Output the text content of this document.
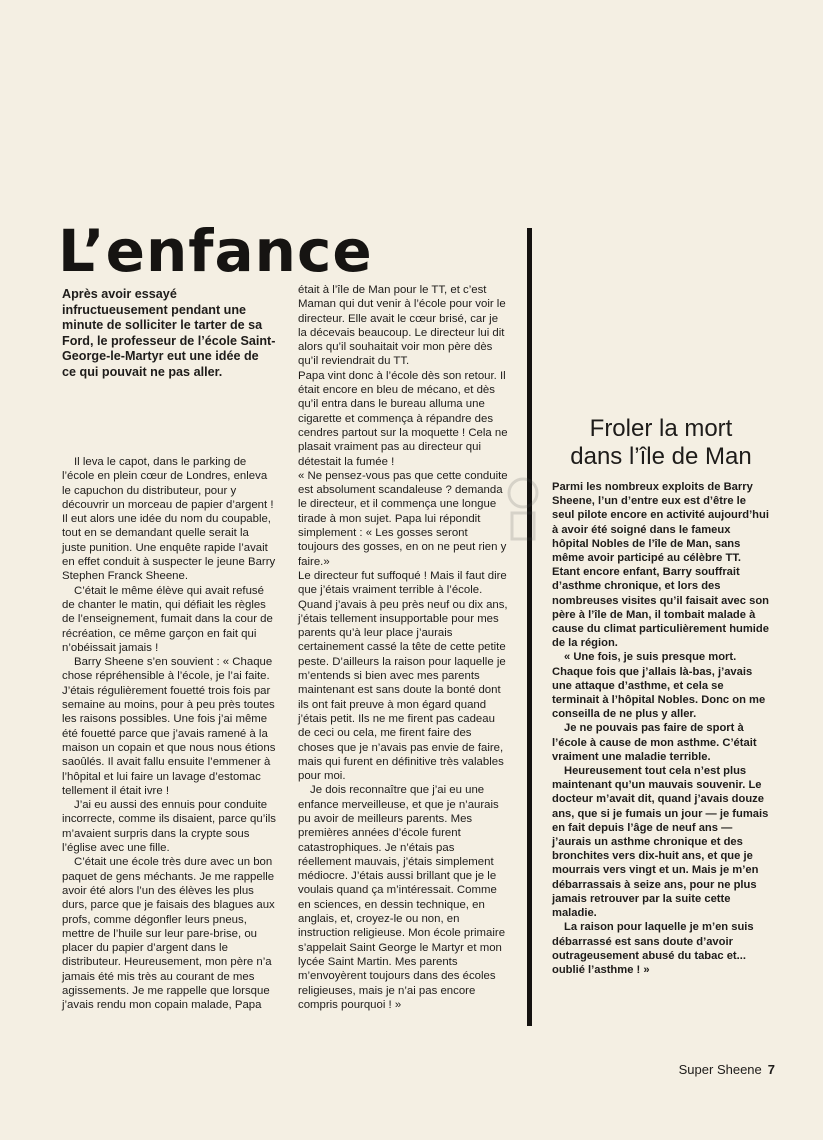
L’enfance
Après avoir essayé infructueusement pendant une minute de solliciter le tarter de sa Ford, le professeur de l’école Saint-George-le-Martyr eut une idée de ce qui pouvait ne pas aller.

Il leva le capot, dans le parking de l’école en plein cœur de Londres, enleva le capuchon du distributeur, pour y découvrir un morceau de papier d’argent ! Il eut alors une idée du nom du coupable, tout en se demandant quelle serait la juste punition. Une enquête rapide l’avait en effet conduit à suspecter le jeune Barry Stephen Franck Sheene.

C’était le même élève qui avait refusé de chanter le matin, qui défiait les règles de l’enseignement, fumait dans la cour de récréation, ce même garçon en fait qui n’obéissait jamais !

Barry Sheene s’en souvient : « Chaque chose répréhensible à l’école, je l’ai faite. J’étais régulièrement fouetté trois fois par semaine au moins, pour à peu près toutes les raisons possibles. Une fois j’ai même été fouetté parce que j’avais ramené à la maison un copain et que nous nous étions saoûlés. Il avait fallu ensuite l’emmener à l’hôpital et lui faire un lavage d’estomac tellement il était ivre !

J’ai eu aussi des ennuis pour conduite incorrecte, comme ils disaient, parce qu’ils m’avaient surpris dans la crypte sous l’église avec une fille.

C’était une école très dure avec un bon paquet de gens méchants. Je me rappelle avoir été alors l’un des élèves les plus durs, parce que je faisais des blagues aux profs, comme dégonfler leurs pneus, mettre de l’huile sur leur pare-brise, ou placer du papier d’argent dans le distributeur. Heureusement, mon père n’a jamais été mis très au courant de mes agissements. Je me rappelle que lorsque j’avais rendu mon copain malade, Papa

était à l’île de Man pour le TT, et c’est Maman qui dut venir à l’école pour voir le directeur. Elle avait le cœur brisé, car je la décevais beaucoup. Le directeur lui dit alors qu’il souhaitait voir mon père dès qu’il reviendrait du TT.

Papa vint donc à l’école dès son retour. Il était encore en bleu de mécano, et dès qu’il entra dans le bureau alluma une cigarette et commença à répandre des cendres partout sur la moquette ! Cela ne plasait vraiment pas au directeur qui détestait la fumée !

« Ne pensez-vous pas que cette conduite est absolument scandaleuse ? demanda le directeur, et il commença une longue tirade à mon sujet. Papa lui répondit simplement : « Les gosses seront toujours des gosses, en on ne peut rien y faire.»

Le directeur fut suffoqué ! Mais il faut dire que j’étais vraiment terrible à l’école. Quand j’avais à peu près neuf ou dix ans, j’étais tellement insupportable pour mes parents qu’à leur place j’aurais certainement cassé la tête de cette petite peste. D’ailleurs la raison pour laquelle je m’entends si bien avec mes parents maintenant est sans doute la bonté dont ils ont fait preuve à mon égard quand j’étais petit. Ils ne me firent pas cadeau de ceci ou cela, me firent faire des choses que je n’avais pas envie de faire, mais qui furent en définitive très valables pour moi.

Je dois reconnaître que j’ai eu une enfance merveilleuse, et que je n’aurais pu avoir de meilleurs parents. Mes premières années d’école furent catastrophiques. Je n’étais pas réellement mauvais, j’étais simplement médiocre. J’étais aussi brillant que je le voulais quand ça m’intéressait. Comme en sciences, en dessin technique, en anglais, et, croyez-le ou non, en instruction religieuse. Mon école primaire s’appelait Saint George le Martyr et mon lycée Saint Martin. Mes parents m’envoyèrent toujours dans des écoles religieuses, mais je n’ai pas encore compris pourquoi ! »

Froler la mort
dans l’île de Man

Parmi les nombreux exploits de Barry Sheene, l’un d’entre eux est d’être le seul pilote encore en activité aujourd’hui à avoir été soigné dans le fameux hôpital Nobles de l’île de Man, sans même avoir participé au célèbre TT. Etant encore enfant, Barry souffrait d’asthme chronique, et lors des nombreuses visites qu’il faisait avec son père à l’île de Man, il tombait malade à cause du climat particulièrement humide de la région.

« Une fois, je suis presque mort. Chaque fois que j’allais là-bas, j’avais une attaque d’asthme, et cela se terminait à l’hôpital Nobles. Donc on me conseilla de ne plus y aller.

Je ne pouvais pas faire de sport à l’école à cause de mon asthme. C’était vraiment une maladie terrible.

Heureusement tout cela n’est plus maintenant qu’un mauvais souvenir. Le docteur m’avait dit, quand j’avais douze ans, que si je fumais un jour — je fumais en fait depuis l’âge de neuf ans — j’aurais un asthme chronique et des bronchites vers dix-huit ans, et que je mourrais vers vingt et un. Mais je m’en débarrassais à seize ans, pour ne plus jamais retrouver par la suite cette maladie.

La raison pour laquelle je m’en suis débarrassé est sans doute d’avoir outrageusement abusé du tabac et... oublié l’asthme ! »

Super Sheene 7
